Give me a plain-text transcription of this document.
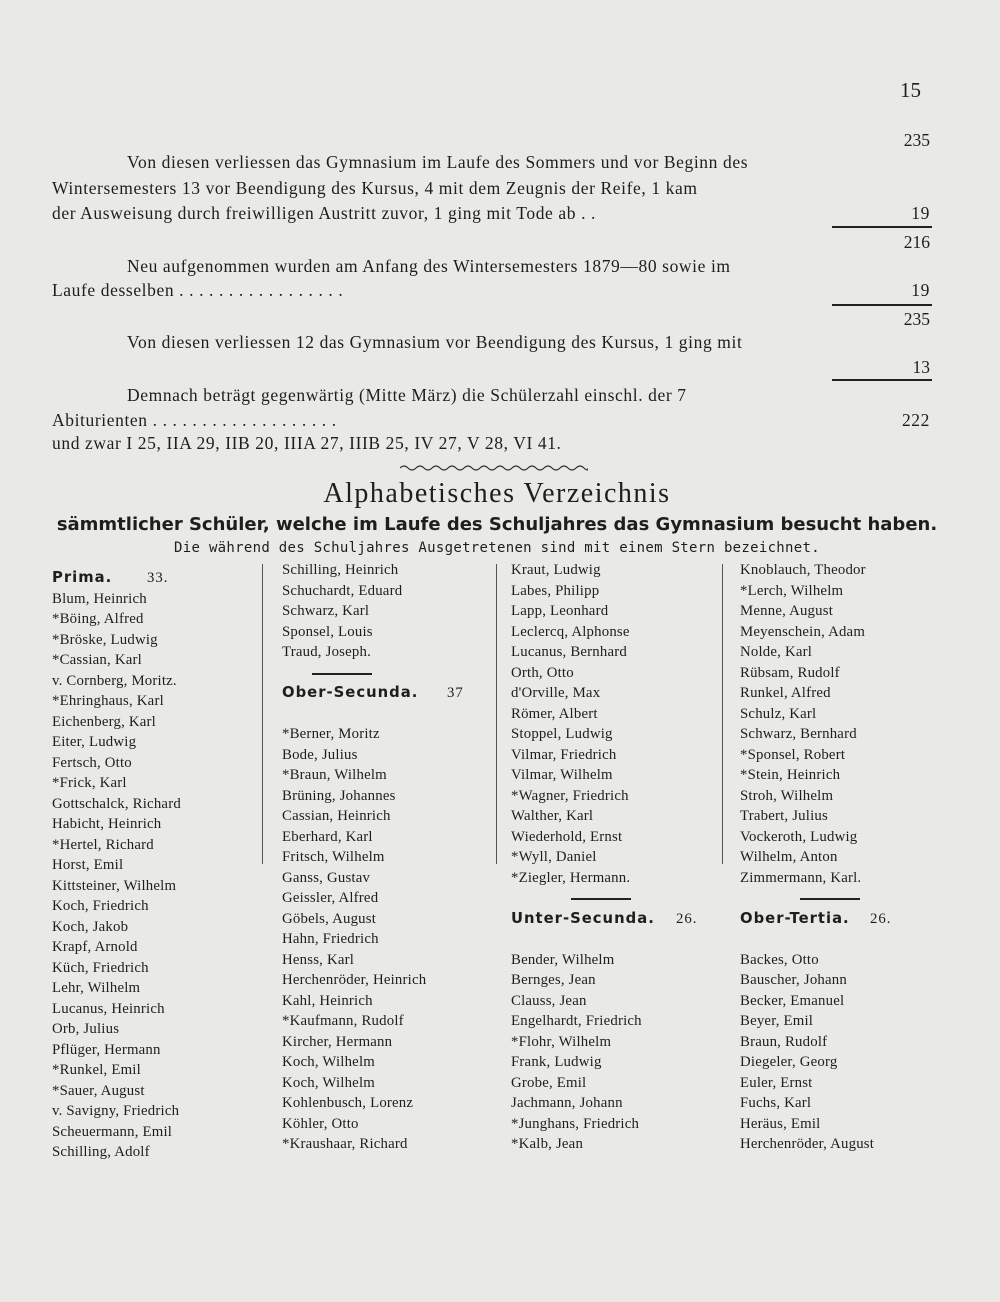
15
235
Von diesen verliessen das Gymnasium im Laufe des Sommers und vor Beginn des
Wintersemesters 13 vor Beendigung des Kursus, 4 mit dem Zeugnis der Reife, 1 kam
der Ausweisung durch freiwilligen Austritt zuvor, 1 ging mit Tode ab . .	19
216
Neu aufgenommen wurden am Anfang des Wintersemesters 1879—80 sowie im
Laufe desselben . . . . . . . . . . . . . . . . .	19
235
Von diesen verliessen 12 das Gymnasium vor Beendigung des Kursus, 1 ging mit
13
Demnach beträgt gegenwärtig (Mitte März) die Schülerzahl einschl. der 7
Abiturienten . . . . . . . . . . . . . . . . . . .	222
und zwar I 25, IIA 29, IIB 20, IIIA 27, IIIB 25, IV 27, V 28, VI 41.
Alphabetisches Verzeichnis
sämmtlicher Schüler, welche im Laufe des Schuljahres das Gymnasium besucht haben.
Die während des Schuljahres Ausgetretenen sind mit einem Stern bezeichnet.
Prima. 33.
Blum, Heinrich
*Böing, Alfred
*Bröske, Ludwig
*Cassian, Karl
v. Cornberg, Moritz.
*Ehringhaus, Karl
Eichenberg, Karl
Eiter, Ludwig
Fertsch, Otto
*Frick, Karl
Gottschalck, Richard
Habicht, Heinrich
*Hertel, Richard
Horst, Emil
Kittsteiner, Wilhelm
Koch, Friedrich
Koch, Jakob
Krapf, Arnold
Küch, Friedrich
Lehr, Wilhelm
Lucanus, Heinrich
Orb, Julius
Pflüger, Hermann
*Runkel, Emil
*Sauer, August
v. Savigny, Friedrich
Scheuermann, Emil
Schilling, Adolf
Schilling, Heinrich
Schuchardt, Eduard
Schwarz, Karl
Sponsel, Louis
Traud, Joseph.
Ober-Secunda. 37
*Berner, Moritz
Bode, Julius
*Braun, Wilhelm
Brüning, Johannes
Cassian, Heinrich
Eberhard, Karl
Fritsch, Wilhelm
Ganss, Gustav
Geissler, Alfred
Göbels, August
Hahn, Friedrich
Henss, Karl
Herchenröder, Heinrich
Kahl, Heinrich
*Kaufmann, Rudolf
Kircher, Hermann
Koch, Wilhelm
Koch, Wilhelm
Kohlenbusch, Lorenz
Köhler, Otto
*Kraushaar, Richard
Kraut, Ludwig
Labes, Philipp
Lapp, Leonhard
Leclercq, Alphonse
Lucanus, Bernhard
Orth, Otto
d'Orville, Max
Römer, Albert
Stoppel, Ludwig
Vilmar, Friedrich
Vilmar, Wilhelm
*Wagner, Friedrich
Walther, Karl
Wiederhold, Ernst
*Wyll, Daniel
*Ziegler, Hermann.
Unter-Secunda. 26.
Bender, Wilhelm
Bernges, Jean
Clauss, Jean
Engelhardt, Friedrich
*Flohr, Wilhelm
Frank, Ludwig
Grobe, Emil
Jachmann, Johann
*Junghans, Friedrich
*Kalb, Jean
Knoblauch, Theodor
*Lerch, Wilhelm
Menne, August
Meyenschein, Adam
Nolde, Karl
Rübsam, Rudolf
Runkel, Alfred
Schulz, Karl
Schwarz, Bernhard
*Sponsel, Robert
*Stein, Heinrich
Stroh, Wilhelm
Trabert, Julius
Vockeroth, Ludwig
Wilhelm, Anton
Zimmermann, Karl.
Ober-Tertia. 26.
Backes, Otto
Bauscher, Johann
Becker, Emanuel
Beyer, Emil
Braun, Rudolf
Diegeler, Georg
Euler, Ernst
Fuchs, Karl
Heräus, Emil
Herchenröder, August
